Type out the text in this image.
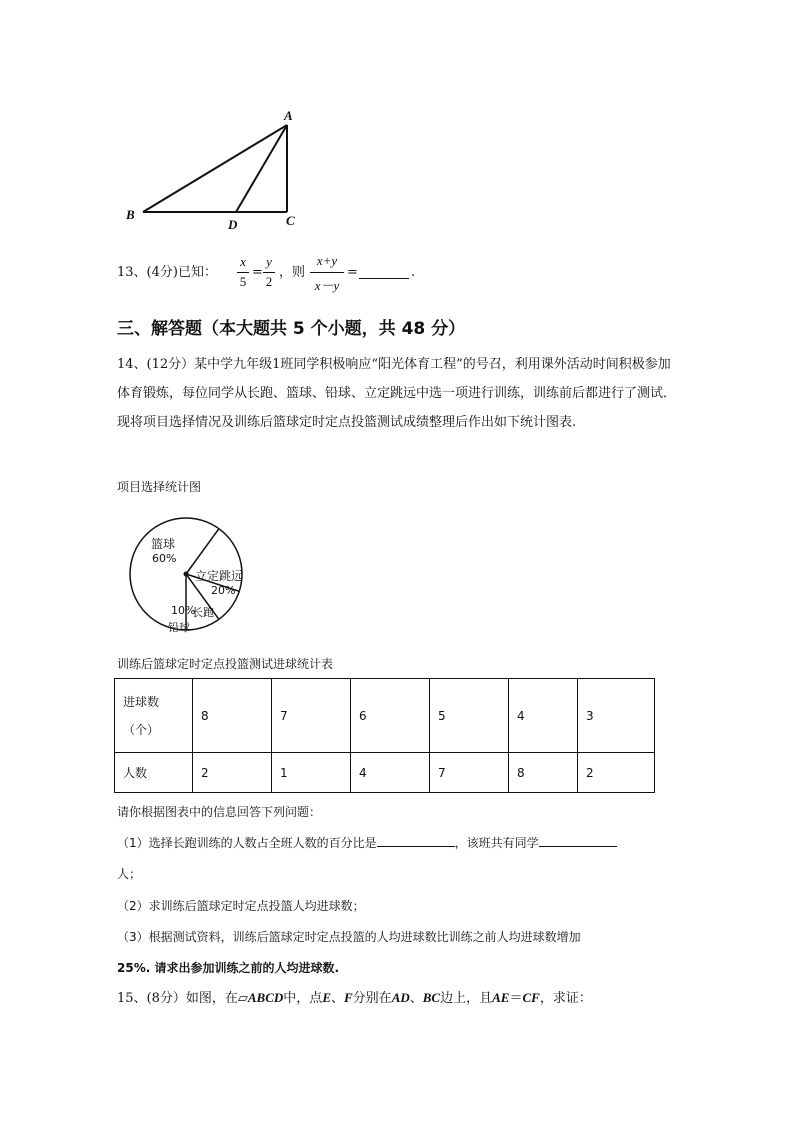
A
B
D	C
13、(4分)已知：
x
5
=
y
2
，则
x+y
x－y
=	.
三、解答题（本大题共 5 个小题，共 48 分）
14、(12分）某中学九年级1班同学积极响应“阳光体育工程”的号召，利用课外活动时间积极参加体育锻炼，每位同学从长跑、篮球、铅球、立定跳远中选一项进行训练，训练前后都进行了测试．现将项目选择情况及训练后篮球定时定点投篮测试成绩整理后作出如下统计图表.
项目选择统计图
篮球
60%
立定跳远
20%
长跑
10%
铅球
训练后篮球定时定点投篮测试进球统计表
进球数
（个）	8	7	6	5	4	3
人数	2	1	4	7	8	2
请你根据图表中的信息回答下列问题：
（1）选择长跑训练的人数占全班人数的百分比是	，该班共有同学
人；
（2）求训练后篮球定时定点投篮人均进球数；
（3）根据测试资料，训练后篮球定时定点投篮的人均进球数比训练之前人均进球数增加
25%. 请求出参加训练之前的人均进球数.
15、(8分）如图，在▱ABCD中，点E、F分别在AD、BC边上，且AE＝CF，求证：
